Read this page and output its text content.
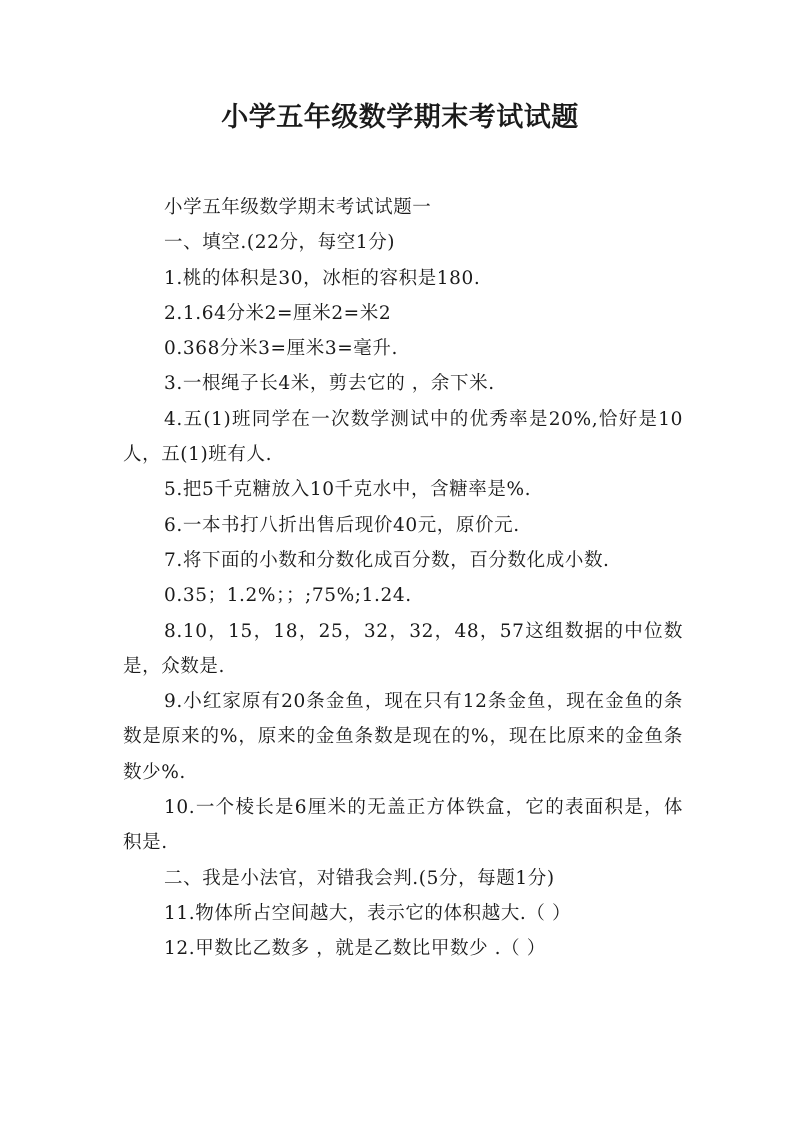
小学五年级数学期末考试试题

小学五年级数学期末考试试题一

一、填空.(22分，每空1分)

1.桃的体积是30，冰柜的容积是180.

2.1.64分米2=厘米2=米2

0.368分米3=厘米3=毫升.

3.一根绳子长4米，剪去它的 ，余下米.

4.五(1)班同学在一次数学测试中的优秀率是20%,恰好是10人，五(1)班有人.

5.把5千克糖放入10千克水中，含糖率是%.

6.一本书打八折出售后现价40元，原价元.

7.将下面的小数和分数化成百分数，百分数化成小数.

0.35；1.2%；；;75%;1.24.

8.10，15，18，25，32，32，48，57这组数据的中位数是，众数是.

9.小红家原有20条金鱼，现在只有12条金鱼，现在金鱼的条数是原来的%，原来的金鱼条数是现在的%，现在比原来的金鱼条数少%.

10.一个棱长是6厘米的无盖正方体铁盒，它的表面积是，体积是.

二、我是小法官，对错我会判.(5分，每题1分)

11.物体所占空间越大，表示它的体积越大.（ ）

12.甲数比乙数多 ，就是乙数比甲数少 .（ ）
